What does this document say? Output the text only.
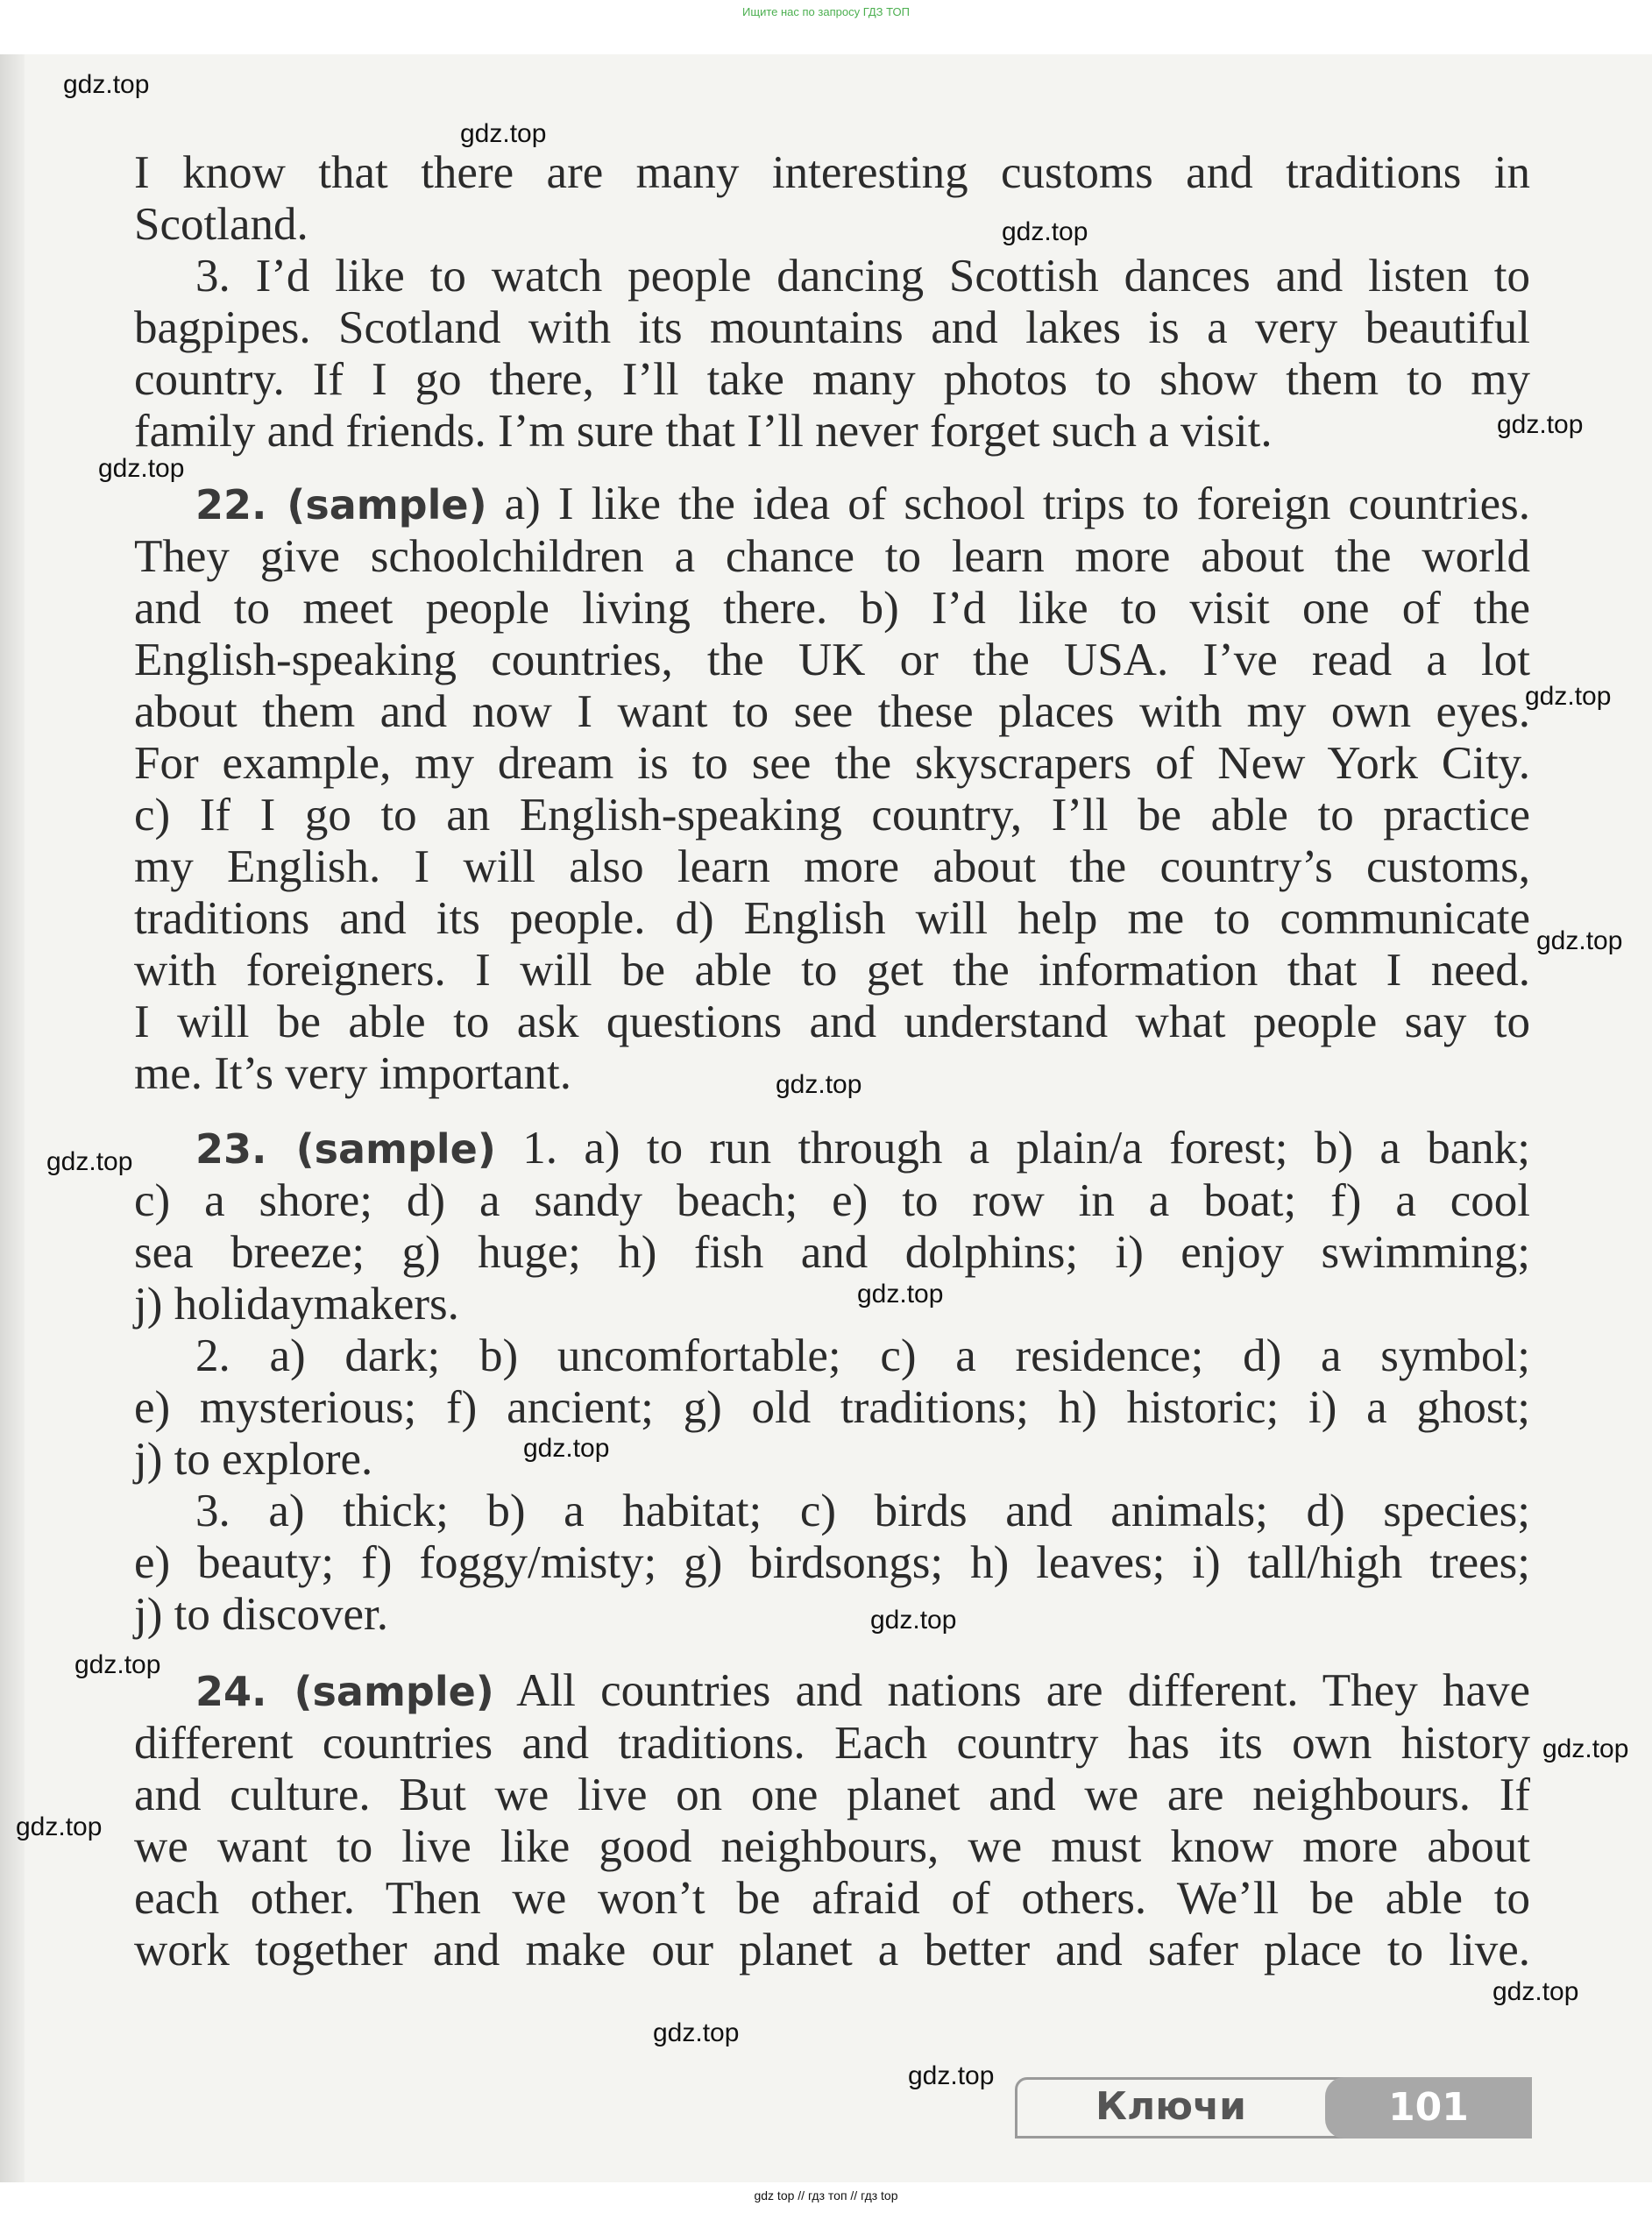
Ищите нас по запросу ГДЗ ТОП
I know that there are many interesting customs and traditions in
Scotland.
3. I’d like to watch people dancing Scottish dances and listen to
bagpipes. Scotland with its mountains and lakes is a very beautiful
country. If I go there, I’ll take many photos to show them to my
family and friends. I’m sure that I’ll never forget such a visit.
22. (sample) a) I like the idea of school trips to foreign countries.
They give schoolchildren a chance to learn more about the world
and to meet people living there. b) I’d like to visit one of the
English-speaking countries, the UK or the USA. I’ve read a lot
about them and now I want to see these places with my own eyes.
For example, my dream is to see the skyscrapers of New York City.
c) If I go to an English-speaking country, I’ll be able to practice
my English. I will also learn more about the country’s customs,
traditions and its people. d) English will help me to communicate
with foreigners. I will be able to get the information that I need.
I will be able to ask questions and understand what people say to
me. It’s very important.
23. (sample) 1. a) to run through a plain/a forest; b) a bank;
c) a shore; d) a sandy beach; e) to row in a boat; f) a cool
sea breeze; g) huge; h) fish and dolphins; i) enjoy swimming;
j) holidaymakers.
2. a) dark; b) uncomfortable; c) a residence; d) a symbol;
e) mysterious; f) ancient; g) old traditions; h) historic; i) a ghost;
j) to explore.
3. a) thick; b) a habitat; c) birds and animals; d) species;
e) beauty; f) foggy/misty; g) birdsongs; h) leaves; i) tall/high trees;
j) to discover.
24. (sample) All countries and nations are different. They have
different countries and traditions. Each country has its own history
and culture. But we live on one planet and we are neighbours. If
we want to live like good neighbours, we must know more about
each other. Then we won’t be afraid of others. We’ll be able to
work together and make our planet a better and safer place to live.
gdz.top
gdz.top
gdz.top
gdz.top
gdz.top
gdz.top
gdz.top
gdz.top
gdz.top
gdz.top
gdz.top
gdz.top
gdz.top
gdz.top
gdz.top
gdz.top
gdz.top
gdz.top
Ключи	101
gdz top // гдз топ // гдз top
